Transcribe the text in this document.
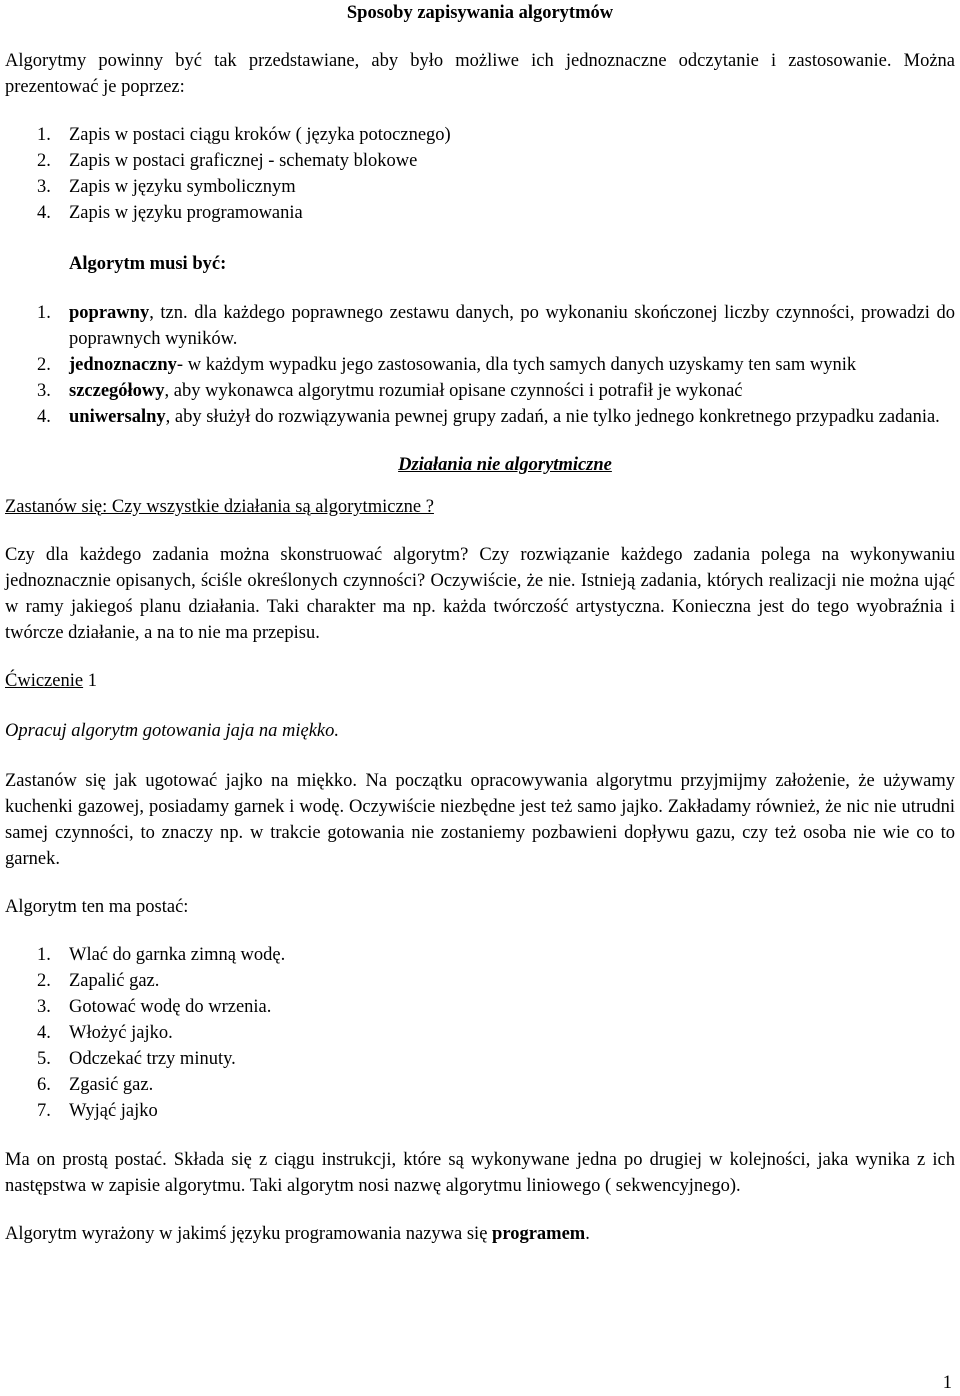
Sposoby zapisywania algorytmów

Algorytmy powinny być tak przedstawiane, aby było możliwe ich jednoznaczne odczytanie i zastosowanie. Można prezentować je poprzez:

1. Zapis w postaci ciągu kroków ( języka potocznego)
2. Zapis w postaci graficznej - schematy blokowe
3. Zapis w języku symbolicznym
4. Zapis w języku programowania

Algorytm musi być:

1. poprawny, tzn. dla każdego poprawnego zestawu danych, po wykonaniu skończonej liczby czynności, prowadzi do poprawnych wyników.
2. jednoznaczny- w każdym wypadku jego zastosowania, dla tych samych danych uzyskamy ten sam wynik
3. szczegółowy, aby wykonawca algorytmu rozumiał opisane czynności i potrafił je wykonać
4. uniwersalny, aby służył do rozwiązywania pewnej grupy zadań, a nie tylko jednego konkretnego przypadku zadania.

Działania nie algorytmiczne

Zastanów się: Czy wszystkie działania są algorytmiczne ?

Czy dla każdego zadania można skonstruować algorytm? Czy rozwiązanie każdego zadania polega na wykonywaniu jednoznacznie opisanych, ściśle określonych czynności? Oczywiście, że nie. Istnieją zadania, których realizacji nie można ująć w ramy jakiegoś planu działania. Taki charakter ma np. każda twórczość artystyczna. Konieczna jest do tego wyobraźnia i twórcze działanie, a na to nie ma przepisu.

Ćwiczenie 1

Opracuj algorytm gotowania jaja na miękko.

Zastanów się jak ugotować jajko na miękko. Na początku opracowywania algorytmu przyjmijmy założenie, że używamy kuchenki gazowej, posiadamy garnek i wodę. Oczywiście niezbędne jest też samo jajko. Zakładamy również, że nic nie utrudni samej czynności, to znaczy np. w trakcie gotowania nie zostaniemy pozbawieni dopływu gazu, czy też osoba nie wie co to garnek.

Algorytm ten ma postać:

1. Wlać do garnka zimną wodę.
2. Zapalić gaz.
3. Gotować wodę do wrzenia.
4. Włożyć jajko.
5. Odczekać trzy minuty.
6. Zgasić gaz.
7. Wyjąć jajko

Ma on prostą postać. Składa się z ciągu instrukcji, które są wykonywane jedna po drugiej w kolejności, jaka wynika z ich następstwa w zapisie algorytmu. Taki algorytm nosi nazwę algorytmu liniowego ( sekwencyjnego).

Algorytm wyrażony w jakimś języku programowania nazywa się programem.

1
